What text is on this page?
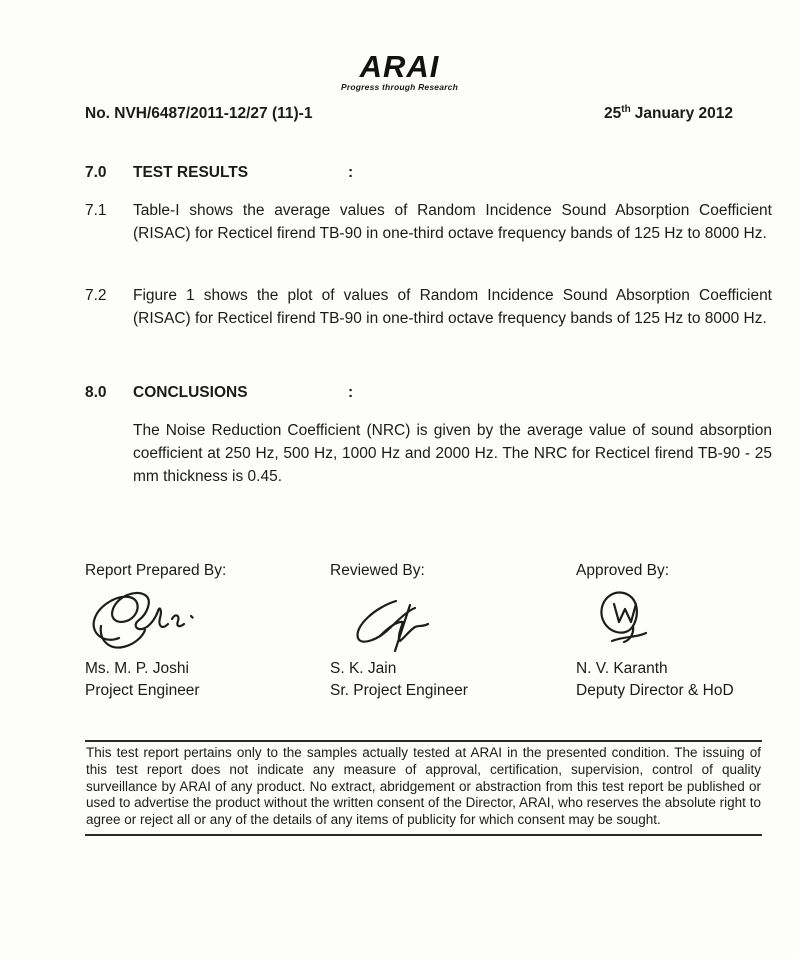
ARAI
Progress through Research
No. NVH/6487/2011-12/27 (11)-1	25th January 2012
7.0	TEST RESULTS	:
7.1	Table-I shows the average values of Random Incidence Sound Absorption Coefficient (RISAC) for Recticel firend TB-90 in one-third octave frequency bands of 125 Hz to 8000 Hz.
7.2	Figure 1 shows the plot of values of Random Incidence Sound Absorption Coefficient (RISAC) for Recticel firend TB-90 in one-third octave frequency bands of 125 Hz to 8000 Hz.
8.0	CONCLUSIONS	:
The Noise Reduction Coefficient (NRC) is given by the average value of sound absorption coefficient at 250 Hz, 500 Hz, 1000 Hz and 2000 Hz. The NRC for Recticel firend TB-90 - 25 mm thickness is 0.45.
Report Prepared By:
Ms. M. P. Joshi
Project Engineer
Reviewed By:
S. K. Jain
Sr. Project Engineer
Approved By:
N. V. Karanth
Deputy Director & HoD
This test report pertains only to the samples actually tested at ARAI in the presented condition. The issuing of this test report does not indicate any measure of approval, certification, supervision, control of quality surveillance by ARAI of any product. No extract, abridgement or abstraction from this test report be published or used to advertise the product without the written consent of the Director, ARAI, who reserves the absolute right to agree or reject all or any of the details of any items of publicity for which consent may be sought.
